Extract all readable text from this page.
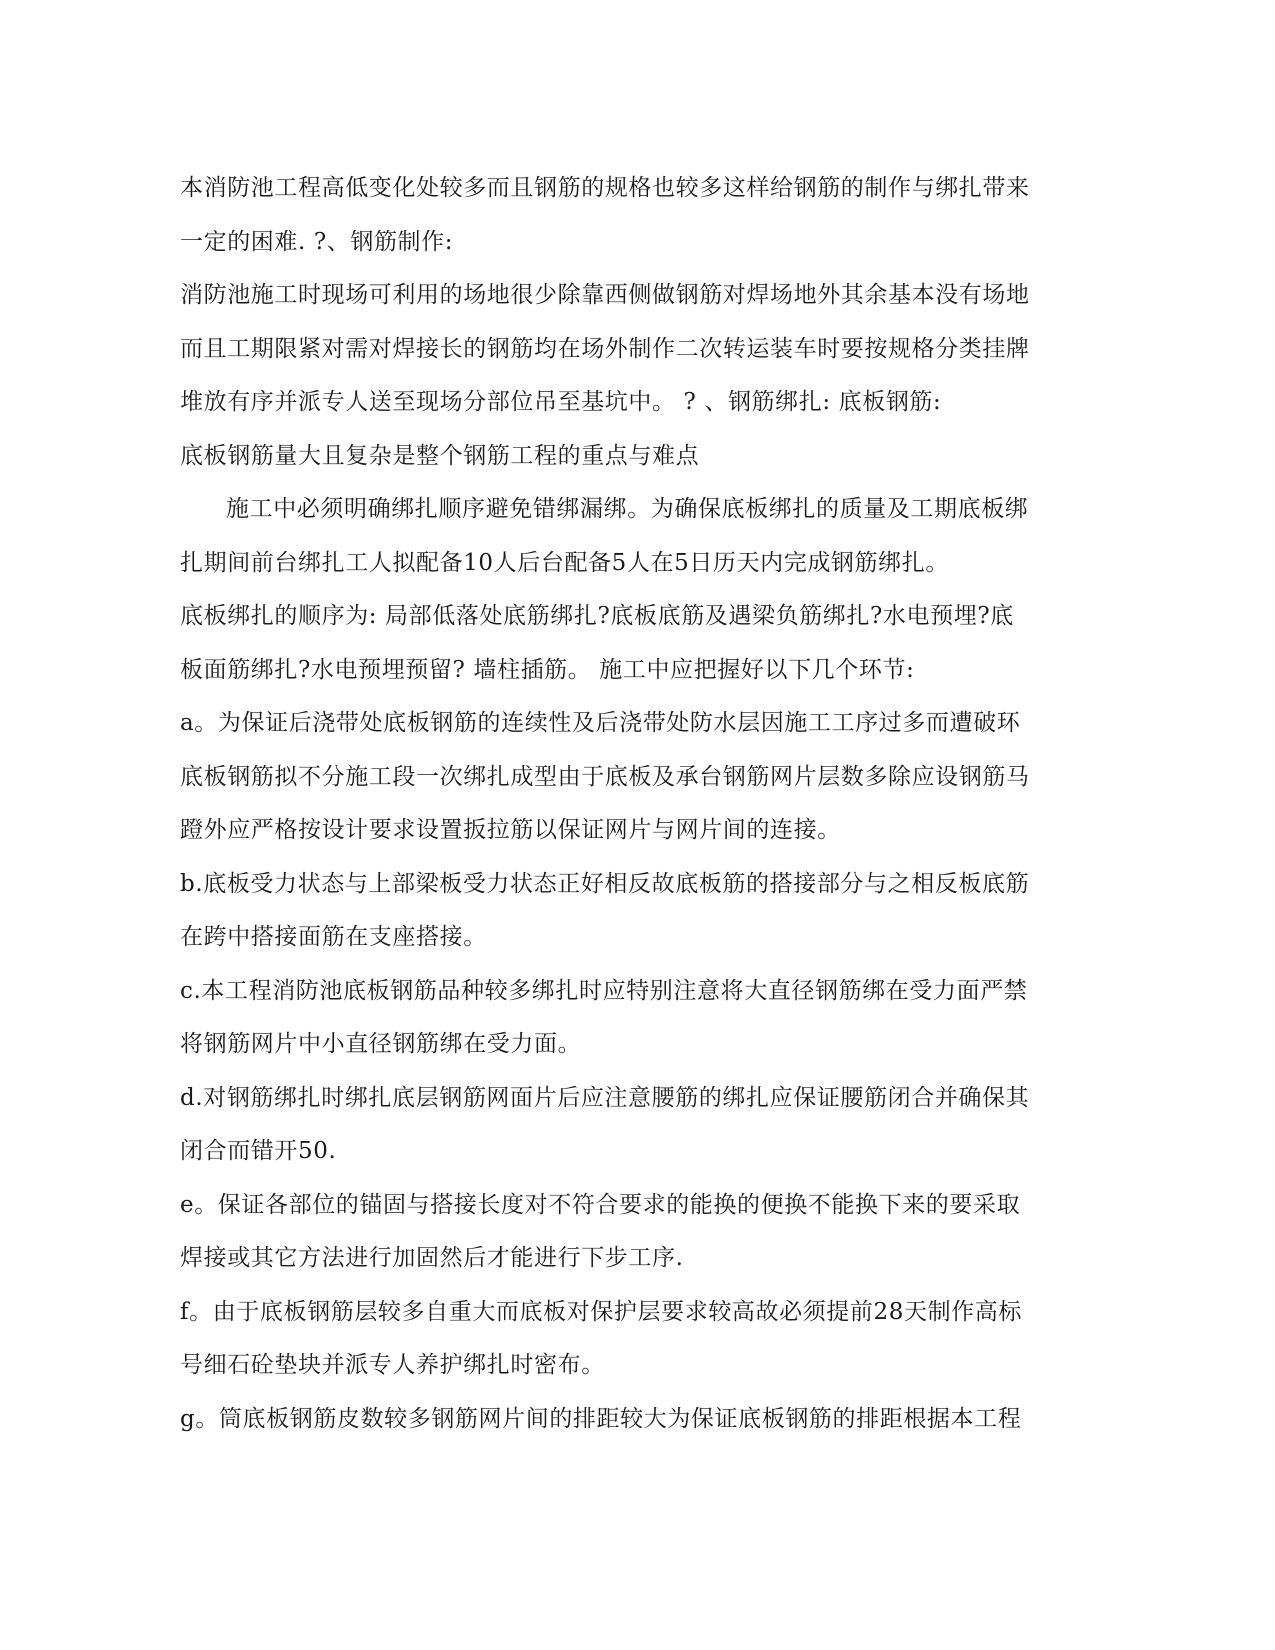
本消防池工程高低变化处较多而且钢筋的规格也较多这样给钢筋的制作与绑扎带来
一定的困难. ?、钢筋制作:
消防池施工时现场可利用的场地很少除靠西侧做钢筋对焊场地外其余基本没有场地
而且工期限紧对需对焊接长的钢筋均在场外制作二次转运装车时要按规格分类挂牌
堆放有序并派专人送至现场分部位吊至基坑中。 ? 、钢筋绑扎: 底板钢筋:
底板钢筋量大且复杂是整个钢筋工程的重点与难点
施工中必须明确绑扎顺序避免错绑漏绑。为确保底板绑扎的质量及工期底板绑
扎期间前台绑扎工人拟配备10人后台配备5人在5日历天内完成钢筋绑扎。
底板绑扎的顺序为: 局部低落处底筋绑扎?底板底筋及遇梁负筋绑扎?水电预埋?底
板面筋绑扎?水电预埋预留? 墙柱插筋。 施工中应把握好以下几个环节:
a。为保证后浇带处底板钢筋的连续性及后浇带处防水层因施工工序过多而遭破环
底板钢筋拟不分施工段一次绑扎成型由于底板及承台钢筋网片层数多除应设钢筋马
蹬外应严格按设计要求设置扳拉筋以保证网片与网片间的连接。
b.底板受力状态与上部梁板受力状态正好相反故底板筋的搭接部分与之相反板底筋
在跨中搭接面筋在支座搭接。
c.本工程消防池底板钢筋品种较多绑扎时应特别注意将大直径钢筋绑在受力面严禁
将钢筋网片中小直径钢筋绑在受力面。
d.对钢筋绑扎时绑扎底层钢筋网面片后应注意腰筋的绑扎应保证腰筋闭合并确保其
闭合而错开50.
e。保证各部位的锚固与搭接长度对不符合要求的能换的便换不能换下来的要采取
焊接或其它方法进行加固然后才能进行下步工序.
f。由于底板钢筋层较多自重大而底板对保护层要求较高故必须提前28天制作高标
号细石砼垫块并派专人养护绑扎时密布。
g。筒底板钢筋皮数较多钢筋网片间的排距较大为保证底板钢筋的排距根据本工程
